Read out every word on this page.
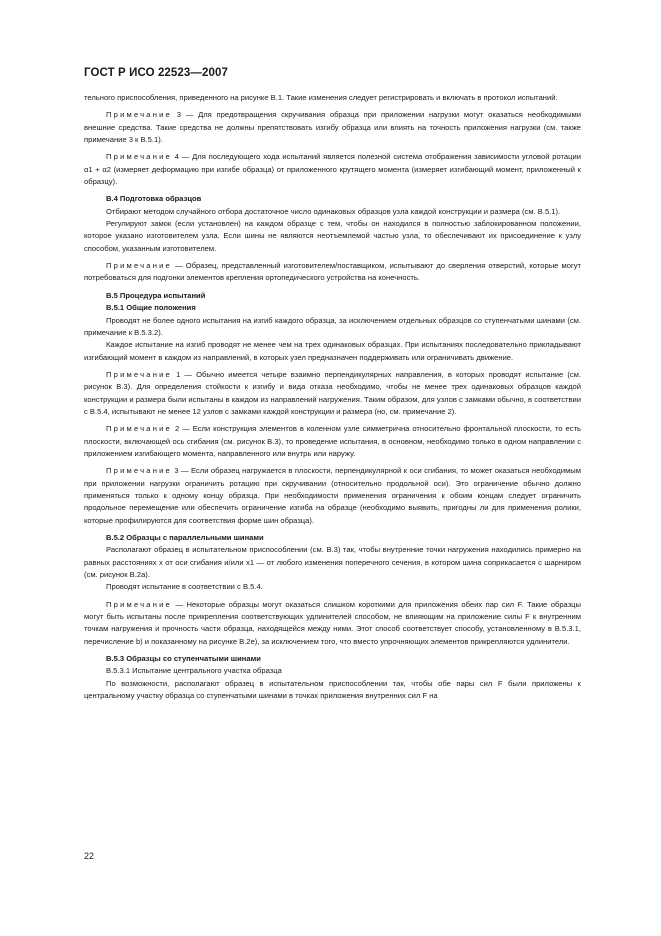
ГОСТ Р ИСО 22523—2007

тельного приспособления, приведенного на рисунке В.1. Такие изменения следует регистрировать и включать в протокол испытаний.

Примечание 3 — Для предотвращения скручивания образца при приложении нагрузки могут оказаться необходимыми внешние средства. Такие средства не должны препятствовать изгибу образца или влиять на точность приложения нагрузки (см. также примечание 3 к В.5.1).

Примечание 4 — Для последующего хода испытаний является полезной система отображения зависимости угловой ротации α1 + α2 (измеряет деформацию при изгибе образца) от приложенного крутящего момента (измеряет изгибающий момент, приложенный к образцу).

В.4 Подготовка образцов

Отбирают методом случайного отбора достаточное число одинаковых образцов узла каждой конструкции и размера (см. В.5.1).

Регулируют замок (если установлен) на каждом образце с тем, чтобы он находился в полностью заблокированном положении, которое указано изготовителем узла. Если шины не являются неотъемлемой частью узла, то обеспечивают их присоединение к узлу способом, указанным изготовителем.

Примечание — Образец, представленный изготовителем/поставщиком, испытывают до сверления отверстий, которые могут потребоваться для подгонки элементов крепления ортопедического устройства на конечность.

В.5 Процедура испытаний

В.5.1 Общие положения

Проводят не более одного испытания на изгиб каждого образца, за исключением отдельных образцов со ступенчатыми шинами (см. примечание к В.5.3.2).

Каждое испытание на изгиб проводят не менее чем на трех одинаковых образцах. При испытаниях последовательно прикладывают изгибающий момент в каждом из направлений, в которых узел предназначен поддерживать или ограничивать движение.

Примечание 1 — Обычно имеется четыре взаимно перпендикулярных направления, в которых проводят испытание (см. рисунок В.3). Для определения стойкости к изгибу и вида отказа необходимо, чтобы не менее трех одинаковых образцов каждой конструкции и размера были испытаны в каждом из направлений нагружения. Таким образом, для узлов с замками обычно, в соответствии с В.5.4, испытывают не менее 12 узлов с замками каждой конструкции и размера (но, см. примечание 2).

Примечание 2 — Если конструкция элементов в коленном узле симметрична относительно фронтальной плоскости, то есть плоскости, включающей ось сгибания (см. рисунок В.3), то проведение испытания, в основном, необходимо только в одном направлении с приложением изгибающего момента, направленного или внутрь или наружу.

Примечание 3 — Если образец нагружается в плоскости, перпендикулярной к оси сгибания, то может оказаться необходимым при приложении нагрузки ограничить ротацию при скручивании (относительно продольной оси). Это ограничение обычно должно применяться только к одному концу образца. При необходимости применения ограничения к обоим концам следует ограничить продольное перемещение или обеспечить ограничение изгиба на образце (необходимо выявить, пригодны ли для применения ролики, которые профилируются для соответствия форме шин образца).

В.5.2 Образцы с параллельными шинами

Располагают образец в испытательном приспособлении (см. В.3) так, чтобы внутренние точки нагружения находились примерно на равных расстояниях x от оси сгибания и/или x1 — от любого изменения поперечного сечения, в котором шина соприкасается с шарниром (см. рисунок В.2а).

Проводят испытание в соответствии с В.5.4.

Примечание — Некоторые образцы могут оказаться слишком короткими для приложения обеих пар сил F. Такие образцы могут быть испытаны после прикрепления соответствующих удлинителей способом, не влияющим на приложение силы F к внутренним точкам нагружения и прочность части образца, находящейся между ними. Этот способ соответствует способу, установленному в В.5.3.1, перечисление b) и показанному на рисунке В.2е), за исключением того, что вместо упрочняющих элементов прикрепляются удлинители.

В.5.3 Образцы со ступенчатыми шинами

В.5.3.1 Испытание центрального участка образца

По возможности, располагают образец в испытательном приспособлении так, чтобы обе пары сил F были приложены к центральному участку образца со ступенчатыми шинами в точках приложения внутренних сил F на

22
